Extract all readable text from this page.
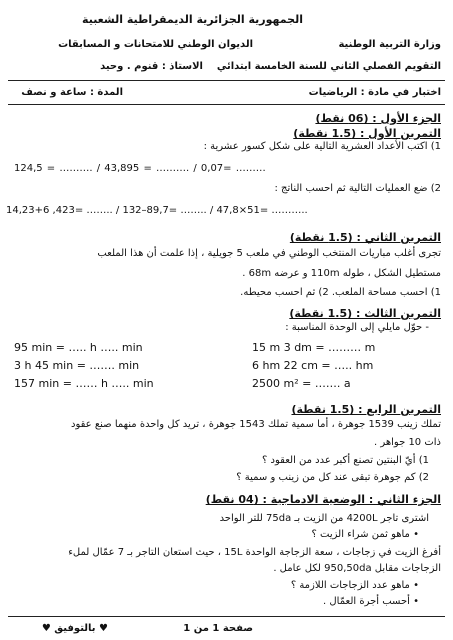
الجمهورية الجزائرية الديمقراطية الشعبية
وزارة التربية الوطنية
الديوان الوطني للامتحانات و المسابقات
التقويم الفصلي الثاني للسنة الخامسة ابتدائي
الاستاذ : قنوم . وحيد
اختبار في مادة : الرياضيات
المدة : ساعة و نصف
الجزء الأول : (06 نقط)
التمرين الأول : (1.5 نقطة)
1) اكتب الأعداد العشرية التالية على شكل كسور عشرية :
124,5 = ………. / 43,895 = ………. / 0,07= ………
2) ضع العمليات التالية ثم احسب الناتج :
14,23+6 ,423= …….. / 132–89,7= …….. / 47,8×51= ………..
التمرين الثاني : (1.5 نقطة)
تجرى أغلب مباريات المنتخب الوطني في ملعب 5 جويلية ، إذا علمت أن هذا الملعب
مستطيل الشكل ، طوله 110m و عرضه 68m .
1) احسب مساحة الملعب. 2) ثم احسب محيطه.
التمرين الثالث : (1.5 نقطة)
- حوّل مايلي إلى الوحدة المناسبة :
95 min = ….. h ….. min
3 h 45 min = ……. min
157 min = …… h ….. min
15 m 3 dm = ……… m
6 hm 22 cm = ….. hm
2500 m² = ……. a
التمرين الرابع : (1.5 نقطة)
تملك زينب 1539 جوهرة ، أما سمية تملك 1543 جوهرة ، تريد كل واحدة منهما صنع عقود
ذات 10 جواهر .
1) أيّ البنتين تصنع أكبر عدد من العقود ؟
2) كم جوهرة تبقى عند كل من زينب و سمية ؟
الجزء الثاني : الوضعية الادماجية : (04 نقط)
اشترى تاجر 4200L من الزيت بـ 75da للتر الواحد
• ماهو ثمن شراء الزيت ؟
أفرغ الزيت في زجاجات ، سعة الزجاجة الواحدة 15L ، حيث استعان التاجر بـ 7 عمّال لملء
الزجاجات مقابل 950,50da لكل عامل .
• ماهو عدد الزجاجات اللازمة ؟
• أحسب أجرة العمّال .
صفحة 1 من 1
♥ بالتوفيق ♥
